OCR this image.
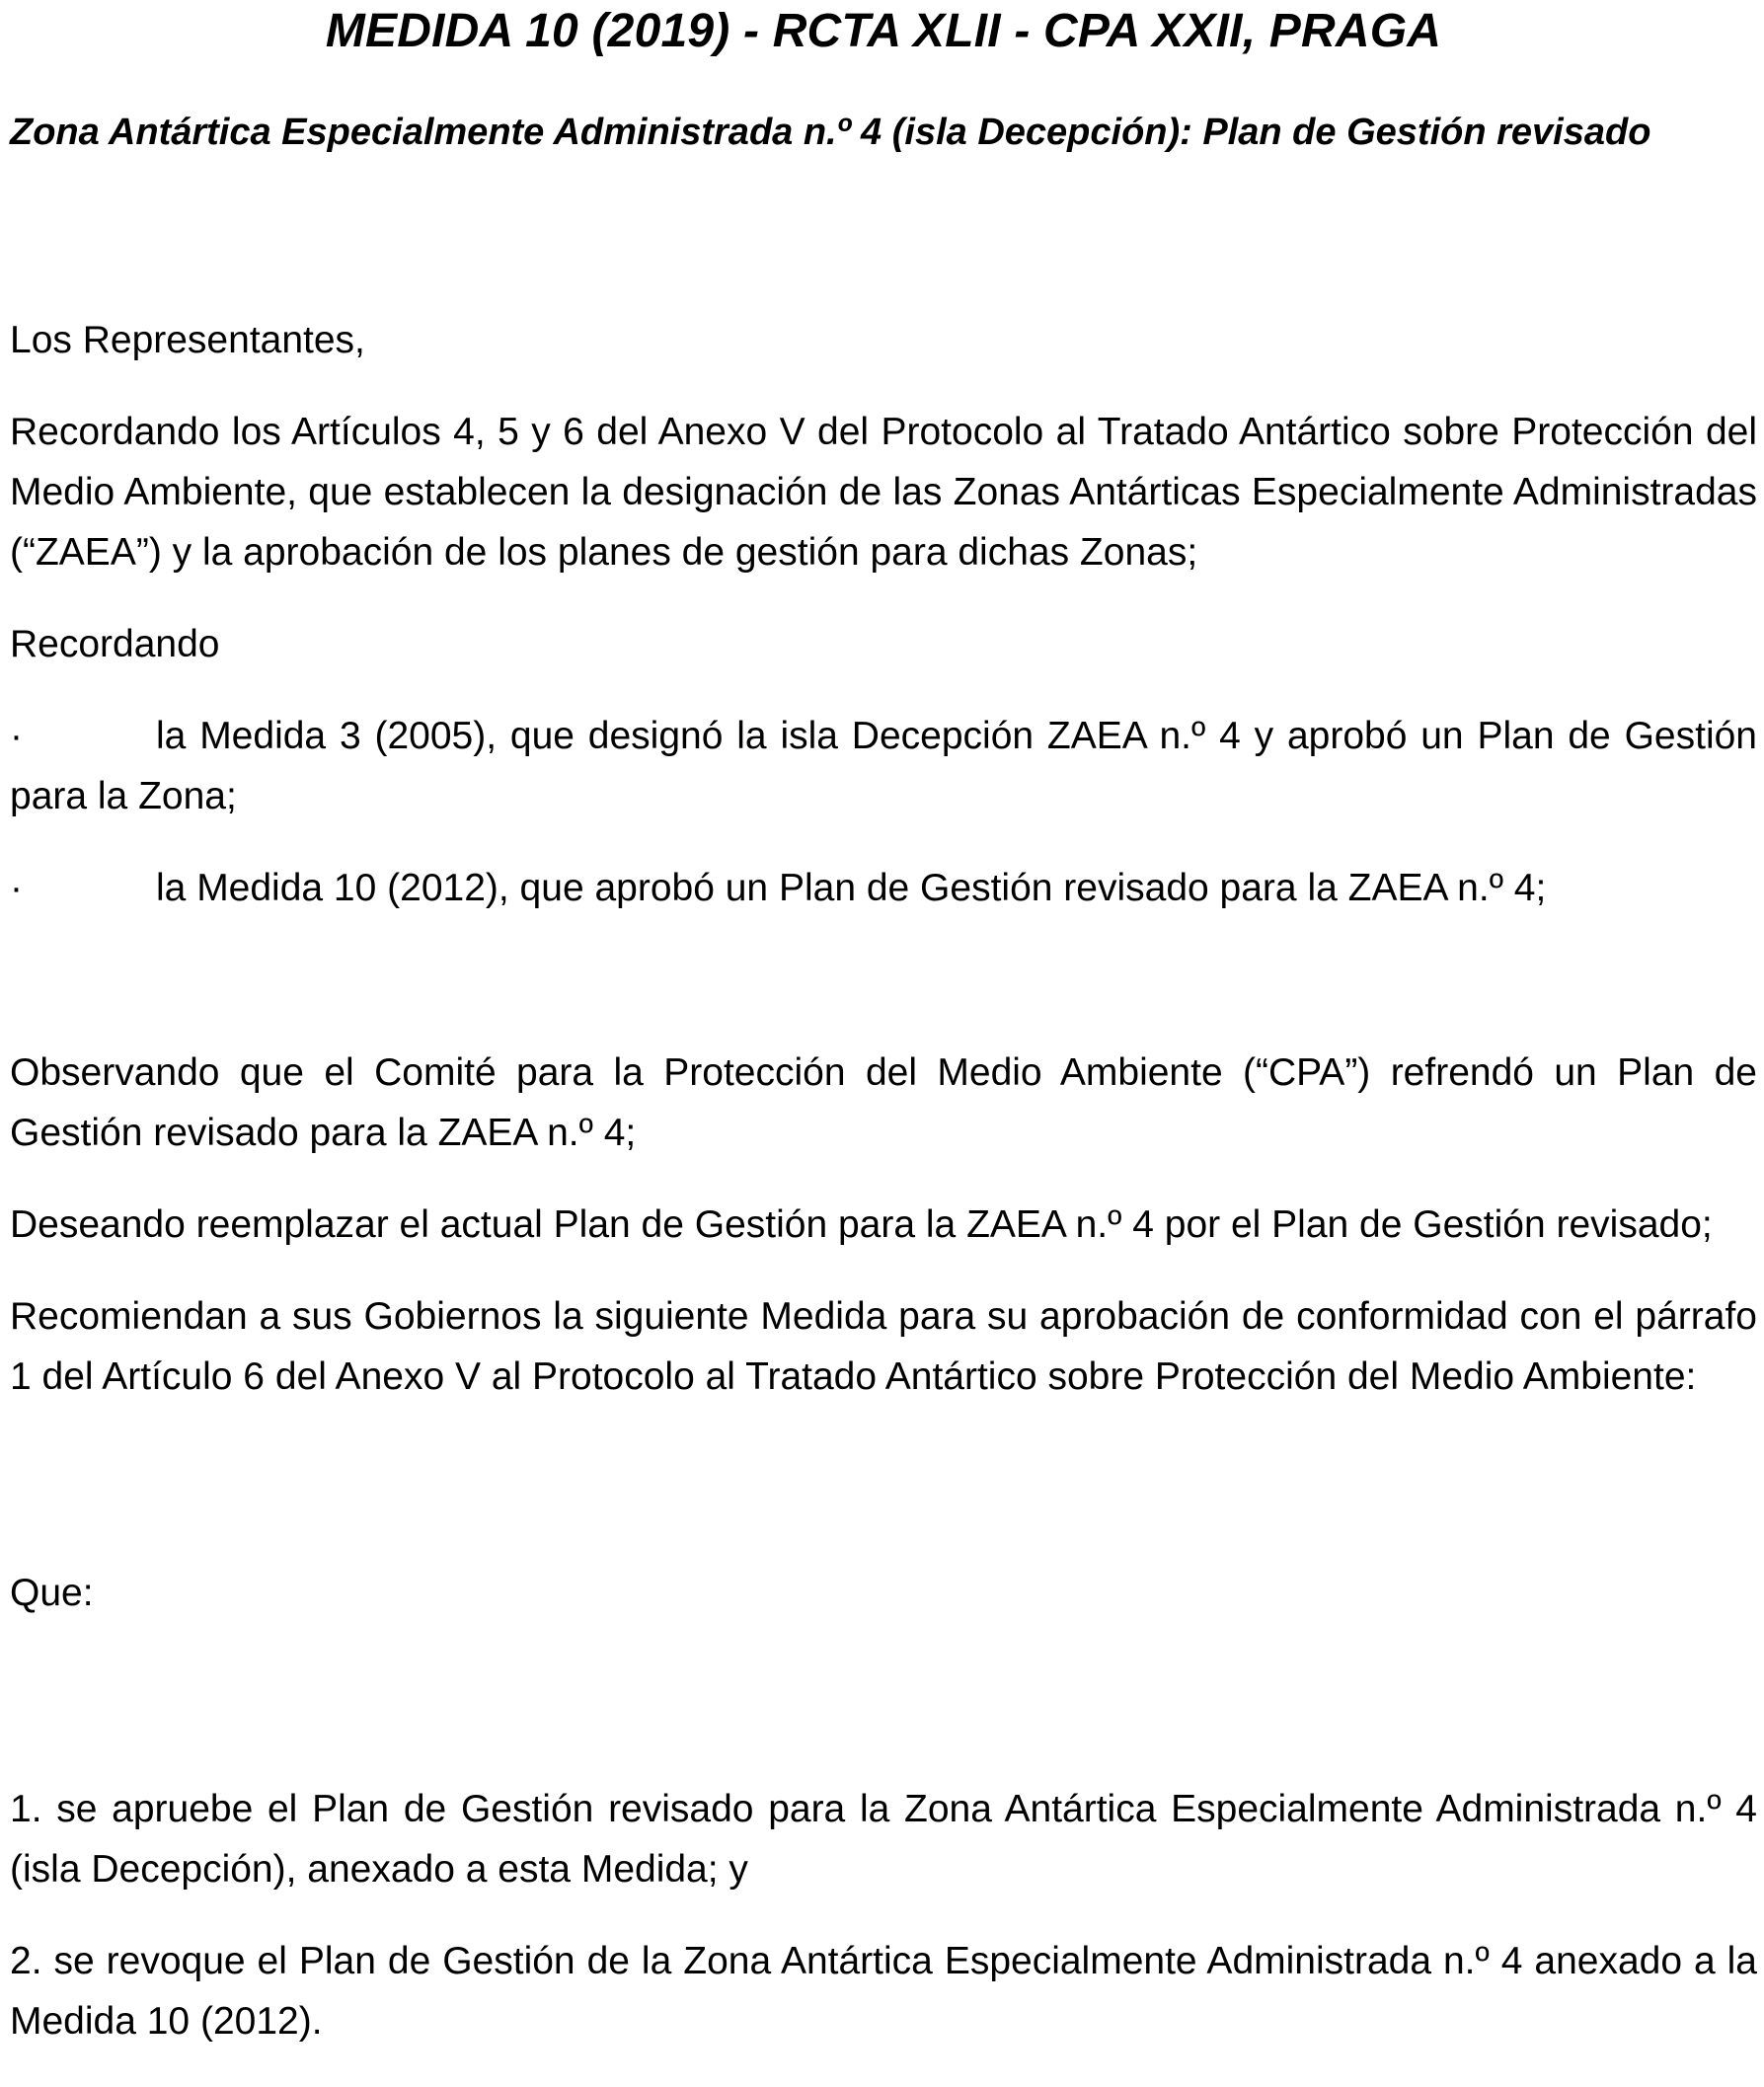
MEDIDA 10 (2019) - RCTA XLII - CPA XXII, PRAGA

Zona Antártica Especialmente Administrada n.º 4 (isla Decepción): Plan de Gestión revisado

Los Representantes,

Recordando los Artículos 4, 5 y 6 del Anexo V del Protocolo al Tratado Antártico sobre Protección del Medio Ambiente, que establecen la designación de las Zonas Antárticas Especialmente Administradas (“ZAEA”) y la aprobación de los planes de gestión para dichas Zonas;

Recordando

·	la Medida 3 (2005), que designó la isla Decepción ZAEA n.º 4 y aprobó un Plan de Gestión para la Zona;

·	la Medida 10 (2012), que aprobó un Plan de Gestión revisado para la ZAEA n.º 4;

Observando que el Comité para la Protección del Medio Ambiente (“CPA”) refrendó un Plan de Gestión revisado para la ZAEA n.º 4;

Deseando reemplazar el actual Plan de Gestión para la ZAEA n.º 4 por el Plan de Gestión revisado;

Recomiendan a sus Gobiernos la siguiente Medida para su aprobación de conformidad con el párrafo 1 del Artículo 6 del Anexo V al Protocolo al Tratado Antártico sobre Protección del Medio Ambiente:

Que:

1. se apruebe el Plan de Gestión revisado para la Zona Antártica Especialmente Administrada n.º 4 (isla Decepción), anexado a esta Medida; y

2. se revoque el Plan de Gestión de la Zona Antártica Especialmente Administrada n.º 4 anexado a la Medida 10 (2012).
